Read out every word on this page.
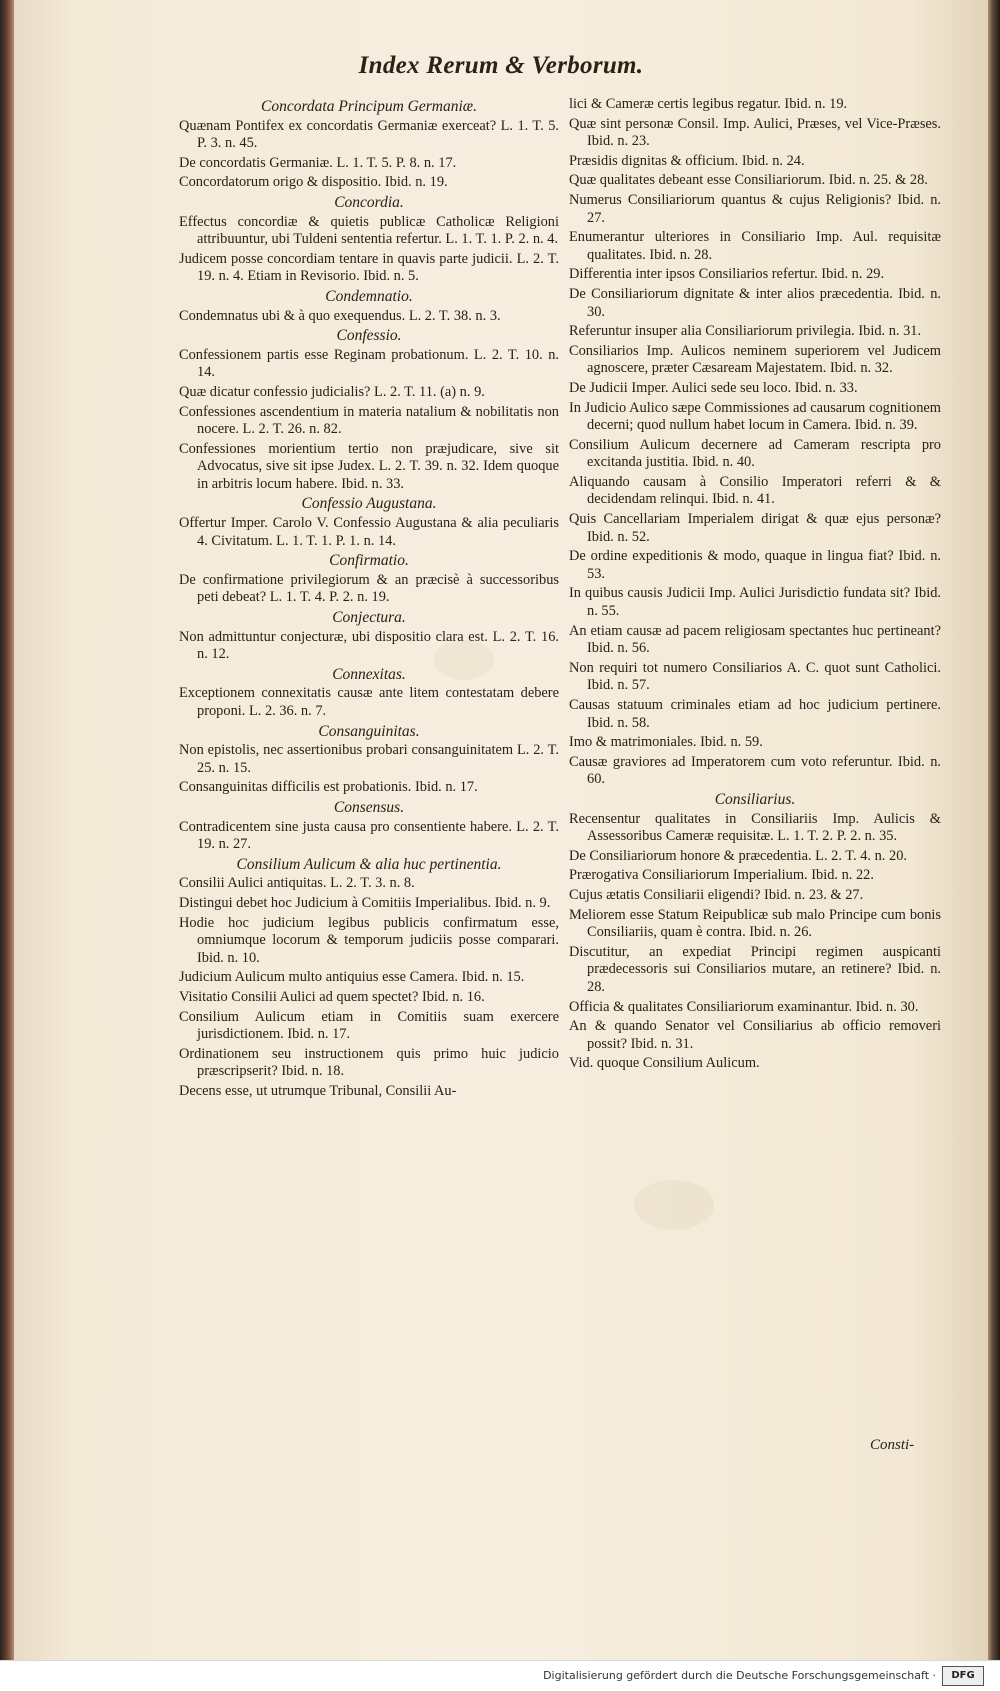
Index Rerum & Verborum.
Concordata Principum Germaniæ.
Quænam Pontifex ex concordatis Germaniæ exerceat? L. 1. T. 5. P. 3. n. 45.
De concordatis Germaniæ. L. 1. T. 5. P. 8. n. 17.
Concordatorum origo & dispositio. Ibid. n. 19.
Concordia.
Effectus concordiæ & quietis publicæ Catholicæ Religioni attribuuntur, ubi Tuldeni sententia refertur. L. 1. T. 1. P. 2. n. 4.
Judicem posse concordiam tentare in quavis parte judicii. L. 2. T. 19. n. 4. Etiam in Revisorio. Ibid. n. 5.
Condemnatio.
Condemnatus ubi & à quo exequendus. L. 2. T. 38. n. 3.
Confessio.
Confessionem partis esse Reginam probationum. L. 2. T. 10. n. 14.
Quæ dicatur confessio judicialis? L. 2. T. 11. (a) n. 9.
Confessiones ascendentium in materia natalium & nobilitatis non nocere. L. 2. T. 26. n. 82.
Confessiones morientium tertio non præjudicare, sive sit Advocatus, sive sit ipse Judex. L. 2. T. 39. n. 32. Idem quoque in arbitris locum habere. Ibid. n. 33.
Confessio Augustana.
Offertur Imper. Carolo V. Confessio Augustana & alia peculiaris 4. Civitatum. L. 1. T. 1. P. 1. n. 14.
Confirmatio.
De confirmatione privilegiorum & an præcisè à successoribus peti debeat? L. 1. T. 4. P. 2. n. 19.
Conjectura.
Non admittuntur conjecturæ, ubi dispositio clara est. L. 2. T. 16. n. 12.
Connexitas.
Exceptionem connexitatis causæ ante litem contestatam debere proponi. L. 2. 36. n. 7.
Consanguinitas.
Non epistolis, nec assertionibus probari consanguinitatem L. 2. T. 25. n. 15.
Consanguinitas difficilis est probationis. Ibid. n. 17.
Consensus.
Contradicentem sine justa causa pro consentiente habere. L. 2. T. 19. n. 27.
Consilium Aulicum & alia huc pertinentia.
Consilii Aulici antiquitas. L. 2. T. 3. n. 8.
Distingui debet hoc Judicium à Comitiis Imperialibus. Ibid. n. 9.
Hodie hoc judicium legibus publicis confirmatum esse, omniumque locorum & temporum judiciis posse comparari. Ibid. n. 10.
Judicium Aulicum multo antiquius esse Camera. Ibid. n. 15.
Visitatio Consilii Aulici ad quem spectet? Ibid. n. 16.
Consilium Aulicum etiam in Comitiis suam exercere jurisdictionem. Ibid. n. 17.
Ordinationem seu instructionem quis primo huic judicio præscripserit? Ibid. n. 18.
Decens esse, ut utrumque Tribunal, Consilii Au-
lici & Cameræ certis legibus regatur. Ibid. n. 19.
Quæ sint personæ Consil. Imp. Aulici, Præses, vel Vice-Præses. Ibid. n. 23.
Præsidis dignitas & officium. Ibid. n. 24.
Quæ qualitates debeant esse Consiliariorum. Ibid. n. 25. & 28.
Numerus Consiliariorum quantus & cujus Religionis? Ibid. n. 27.
Enumerantur ulteriores in Consiliario Imp. Aul. requisitæ qualitates. Ibid. n. 28.
Differentia inter ipsos Consiliarios refertur. Ibid. n. 29.
De Consiliariorum dignitate & inter alios præcedentia. Ibid. n. 30.
Referuntur insuper alia Consiliariorum privilegia. Ibid. n. 31.
Consiliarios Imp. Aulicos neminem superiorem vel Judicem agnoscere, præter Cæsaream Majestatem. Ibid. n. 32.
De Judicii Imper. Aulici sede seu loco. Ibid. n. 33.
In Judicio Aulico sæpe Commissiones ad causarum cognitionem decerni; quod nullum habet locum in Camera. Ibid. n. 39.
Consilium Aulicum decernere ad Cameram rescripta pro excitanda justitia. Ibid. n. 40.
Aliquando causam à Consilio Imperatori referri & & decidendam relinqui. Ibid. n. 41.
Quis Cancellariam Imperialem dirigat & quæ ejus personæ? Ibid. n. 52.
De ordine expeditionis & modo, quaque in lingua fiat? Ibid. n. 53.
In quibus causis Judicii Imp. Aulici Jurisdictio fundata sit? Ibid. n. 55.
An etiam causæ ad pacem religiosam spectantes huc pertineant? Ibid. n. 56.
Non requiri tot numero Consiliarios A. C. quot sunt Catholici. Ibid. n. 57.
Causas statuum criminales etiam ad hoc judicium pertinere. Ibid. n. 58.
Imo & matrimoniales. Ibid. n. 59.
Causæ graviores ad Imperatorem cum voto referuntur. Ibid. n. 60.
Consiliarius.
Recensentur qualitates in Consiliariis Imp. Aulicis & Assessoribus Cameræ requisitæ. L. 1. T. 2. P. 2. n. 35.
De Consiliariorum honore & præcedentia. L. 2. T. 4. n. 20.
Prærogativa Consiliariorum Imperialium. Ibid. n. 22.
Cujus ætatis Consiliarii eligendi? Ibid. n. 23. & 27.
Meliorem esse Statum Reipublicæ sub malo Principe cum bonis Consiliariis, quam è contra. Ibid. n. 26.
Discutitur, an expediat Principi regimen auspicanti prædecessoris sui Consiliarios mutare, an retinere? Ibid. n. 28.
Officia & qualitates Consiliariorum examinantur. Ibid. n. 30.
An & quando Senator vel Consiliarius ab officio removeri possit? Ibid. n. 31.
Vid. quoque Consilium Aulicum.
Consti-
Digitalisierung gefördert durch die Deutsche Forschungsgemeinschaft ·	DFG
